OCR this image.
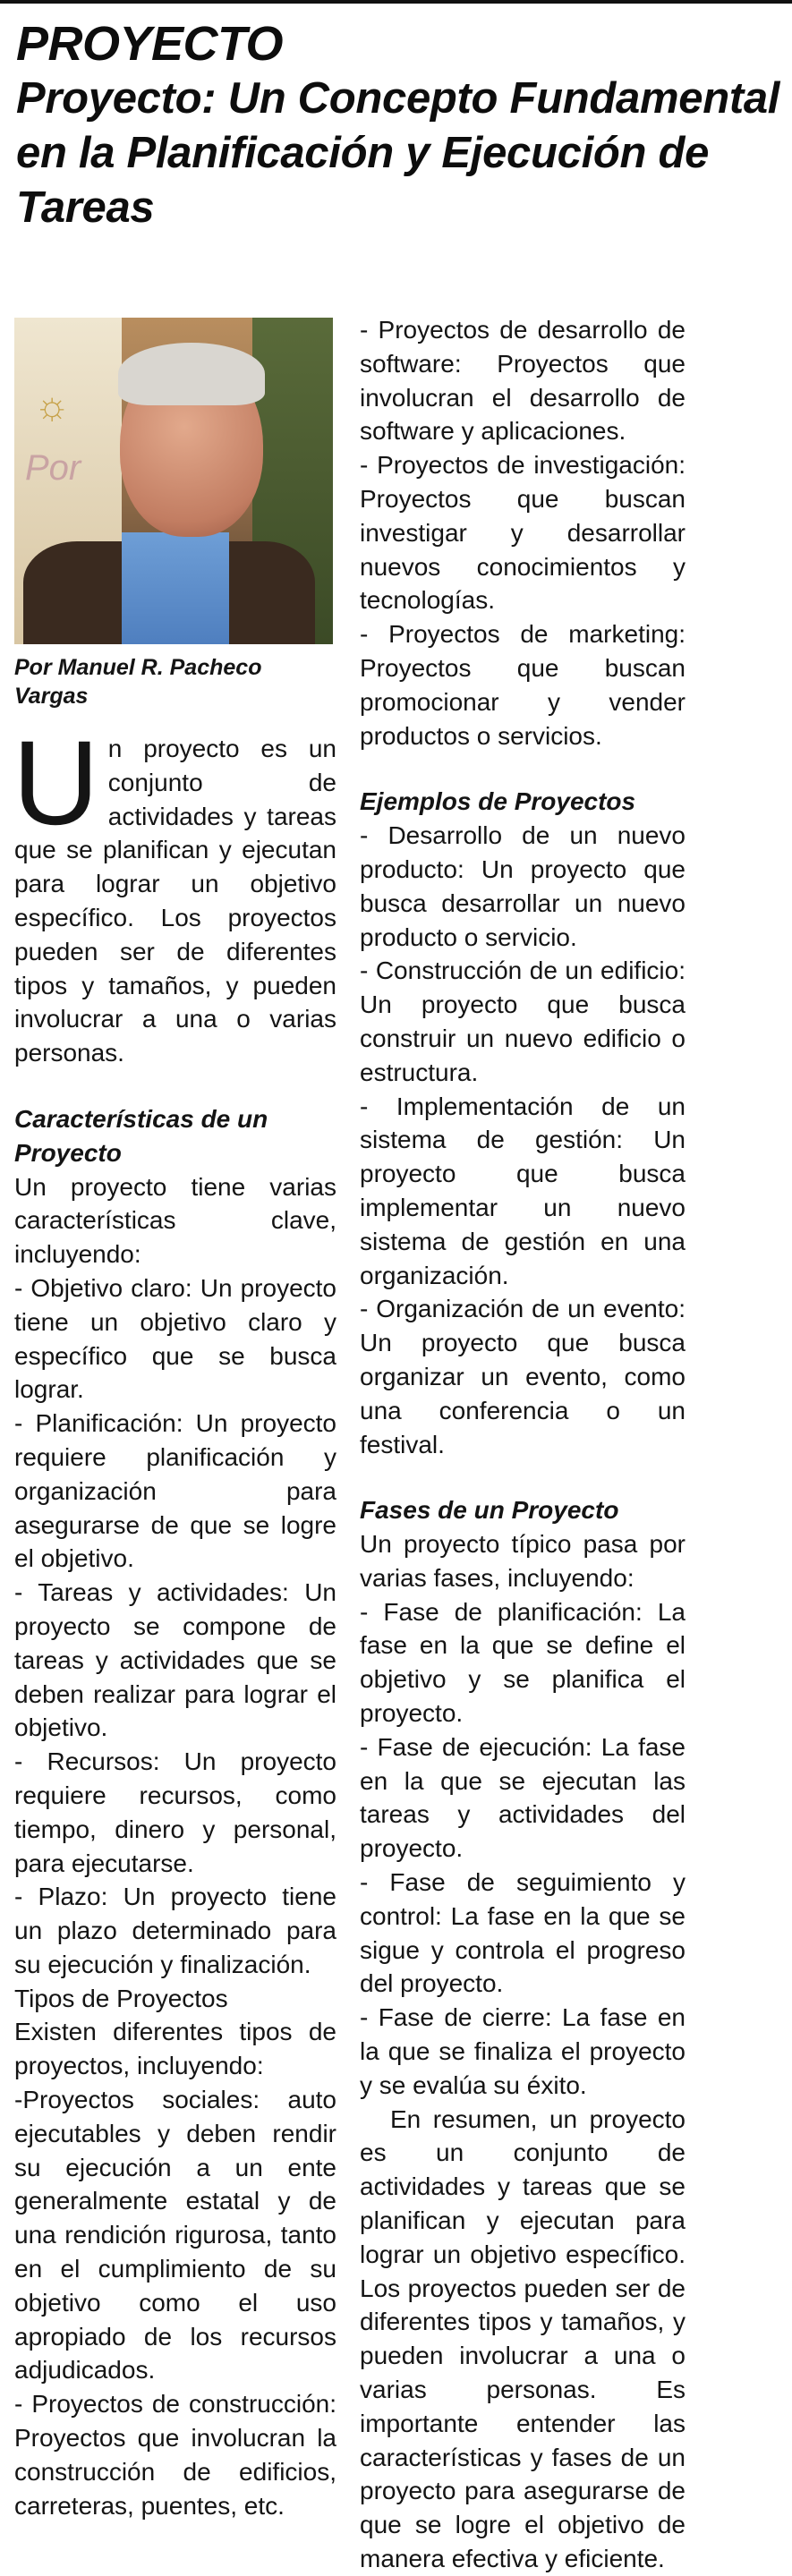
PROYECTO
Proyecto: Un Concepto Fundamental en la Planificación y Ejecución de Tareas
☼
Por
Por Manuel R. Pacheco Vargas

Un proyecto es un conjunto de actividades y tareas que se planifican y ejecutan para lograr un objetivo específico. Los proyectos pueden ser de diferentes tipos y tamaños, y pueden involucrar a una o varias personas.

Características de un Proyecto

Un proyecto tiene varias características clave, incluyendo:

- Objetivo claro: Un proyecto tiene un objetivo claro y específico que se busca lograr.

- Planificación: Un proyecto requiere planificación y organización para asegurarse de que se logre el objetivo.

- Tareas y actividades: Un proyecto se compone de tareas y actividades que se deben realizar para lograr el objetivo.

- Recursos: Un proyecto requiere recursos, como tiempo, dinero y personal, para ejecutarse.

- Plazo: Un proyecto tiene un plazo determinado para su ejecución y finalización.

Tipos de Proyectos

Existen diferentes tipos de proyectos, incluyendo:

-Proyectos sociales: auto ejecutables y deben rendir su ejecución a un ente generalmente estatal y de una rendición rigurosa, tanto en el cumplimiento de su objetivo como el uso apropiado de los recursos adjudicados.

- Proyectos de construcción: Proyectos que involucran la construcción de edificios, carreteras, puentes, etc.

- Proyectos de desarrollo de software: Proyectos que involucran el desarrollo de software y aplicaciones.

- Proyectos de investigación: Proyectos que buscan investigar y desarrollar nuevos conocimientos y tecnologías.

- Proyectos de marketing: Proyectos que buscan promocionar y vender productos o servicios.

Ejemplos de Proyectos

- Desarrollo de un nuevo producto: Un proyecto que busca desarrollar un nuevo producto o servicio.

- Construcción de un edificio: Un proyecto que busca construir un nuevo edificio o estructura.

- Implementación de un sistema de gestión: Un proyecto que busca implementar un nuevo sistema de gestión en una organización.

- Organización de un evento: Un proyecto que busca organizar un evento, como una conferencia o un festival.

Fases de un Proyecto

Un proyecto típico pasa por varias fases, incluyendo:

- Fase de planificación: La fase en la que se define el objetivo y se planifica el proyecto.

- Fase de ejecución: La fase en la que se ejecutan las tareas y actividades del proyecto.

- Fase de seguimiento y control: La fase en la que se sigue y controla el progreso del proyecto.

- Fase de cierre: La fase en la que se finaliza el proyecto y se evalúa su éxito.

En resumen, un proyecto es un conjunto de actividades y tareas que se planifican y ejecutan para lograr un objetivo específico. Los proyectos pueden ser de diferentes tipos y tamaños, y pueden involucrar a una o varias personas. Es importante entender las características y fases de un proyecto para asegurarse de que se logre el objetivo de manera efectiva y eficiente.
